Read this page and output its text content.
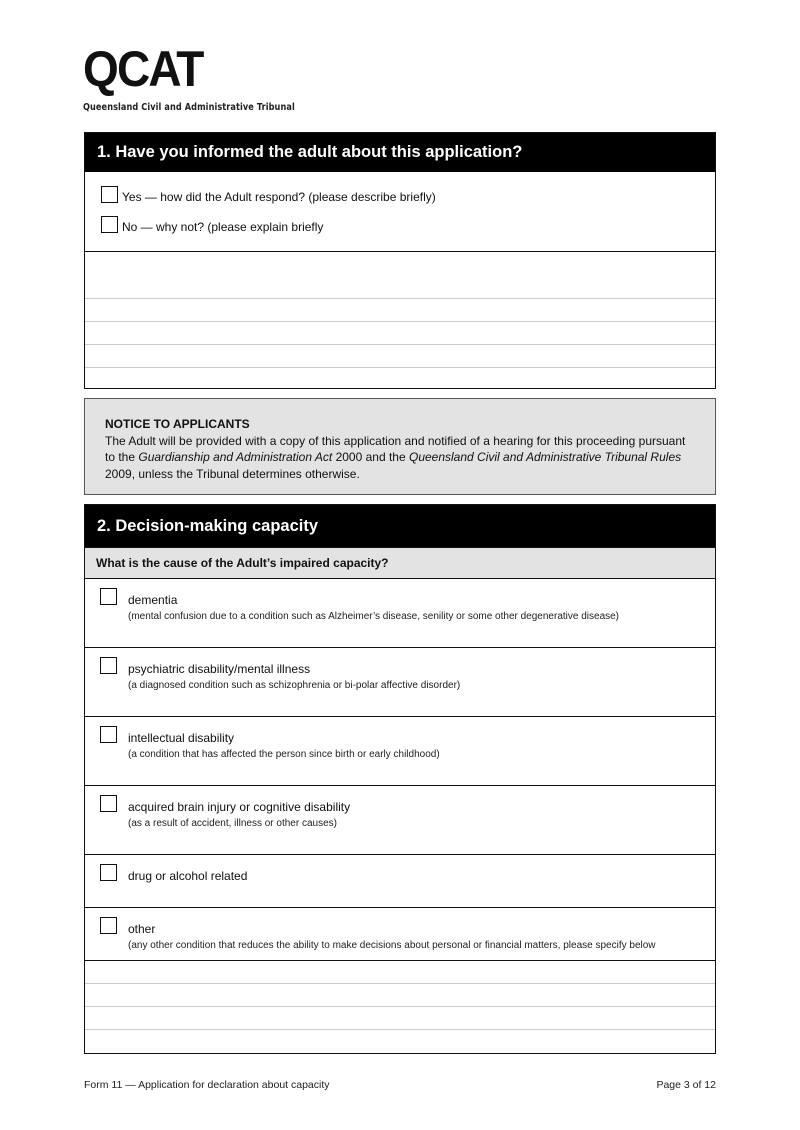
QCAT
Queensland Civil and Administrative Tribunal
1. Have you informed the adult about this application?
Yes — how did the Adult respond? (please describe briefly)
No — why not? (please explain briefly
NOTICE TO APPLICANTS
The Adult will be provided with a copy of this application and notified of a hearing for this proceeding pursuant to the Guardianship and Administration Act 2000 and the Queensland Civil and Administrative Tribunal Rules 2009, unless the Tribunal determines otherwise.
2. Decision-making capacity
What is the cause of the Adult’s impaired capacity?
dementia
(mental confusion due to a condition such as Alzheimer’s disease, senility or some other degenerative disease)
psychiatric disability/mental illness
(a diagnosed condition such as schizophrenia or bi-polar affective disorder)
intellectual disability
(a condition that has affected the person since birth or early childhood)
acquired brain injury or cognitive disability
(as a result of accident, illness or other causes)
drug or alcohol related
other
(any other condition that reduces the ability to make decisions about personal or financial matters, please specify below
Form 11 — Application for declaration about capacity	Page 3 of 12
